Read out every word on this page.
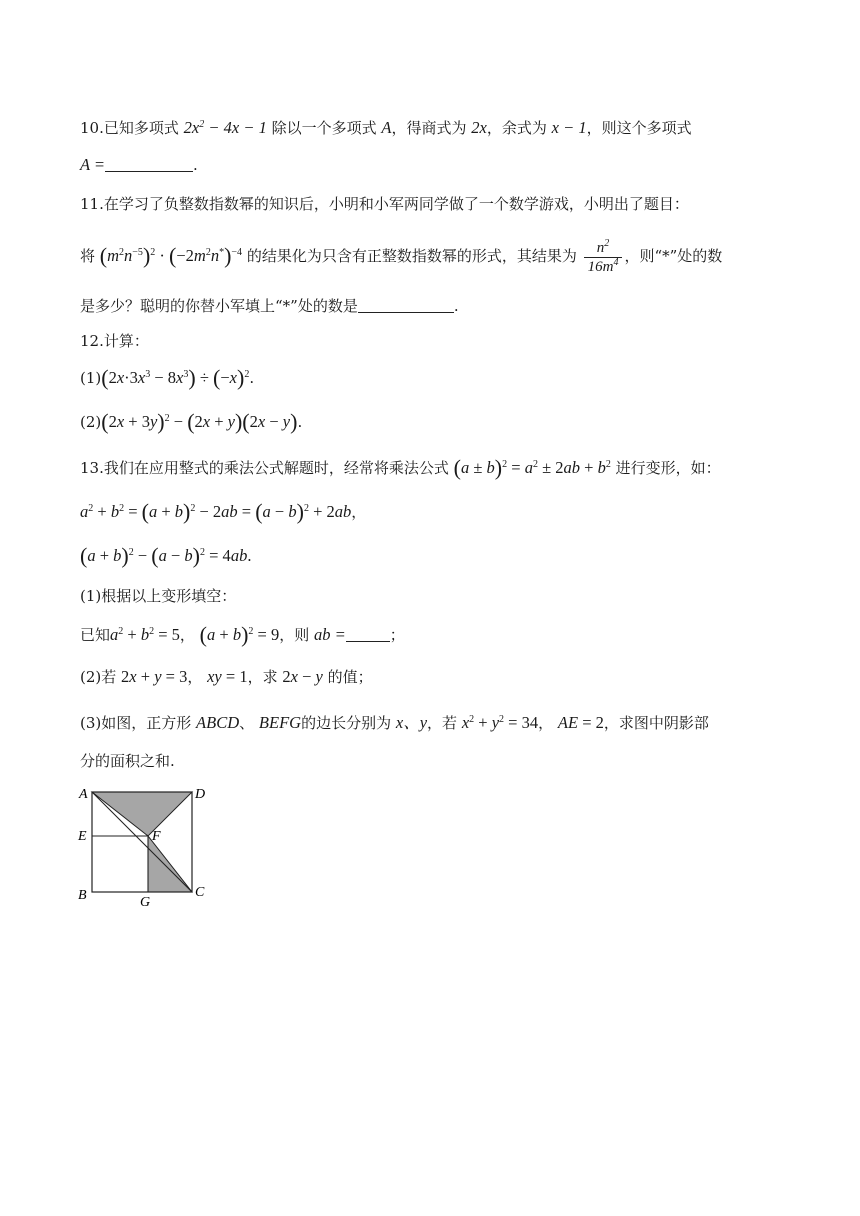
10.已知多项式 $2x^2 - 4x - 1$ 除以一个多项式 A，得商式为 2x，余式为 x − 1，则这个多项式
A =	.
11.在学习了负整数指数幂的知识后，小明和小军两同学做了一个数学游戏，小明出了题目：
将 $(m^2n^{-5})^2 \cdot (-2m^2n^*)^{-4}$ 的结果化为只含有正整数指数幂的形式，其结果为 $\frac{n^2}{16m^4}$ ，则“*”处的数
是多少？聪明的你替小军填上“*”处的数是	.
12.计算：
$(1)(2x\cdot 3x^3 - 8x^3) \div (-x)^2$.
$(2)(2x + 3y)^2 - (2x + y)(2x - y)$.
13.我们在应用整式的乘法公式解题时，经常将乘法公式 $(a \pm b)^2 = a^2 \pm 2ab + b^2$ 进行变形，如：
$a^2 + b^2 = (a + b)^2 - 2ab = (a - b)^2 + 2ab$，
$(a + b)^2 - (a - b)^2 = 4ab$.
(1)根据以上变形填空：
已知$a^2 + b^2 = 5$， $(a + b)^2 = 9$，则 ab =	；
(2)若 2x + y = 3， xy = 1，求 2x − y 的值；
(3)如图，正方形 ABCD、 BEFG的边长分别为 x、y，若 $x^2 + y^2 = 34$， AE = 2，求图中阴影部
分的面积之和.
A	D
E	F
B	G
C
